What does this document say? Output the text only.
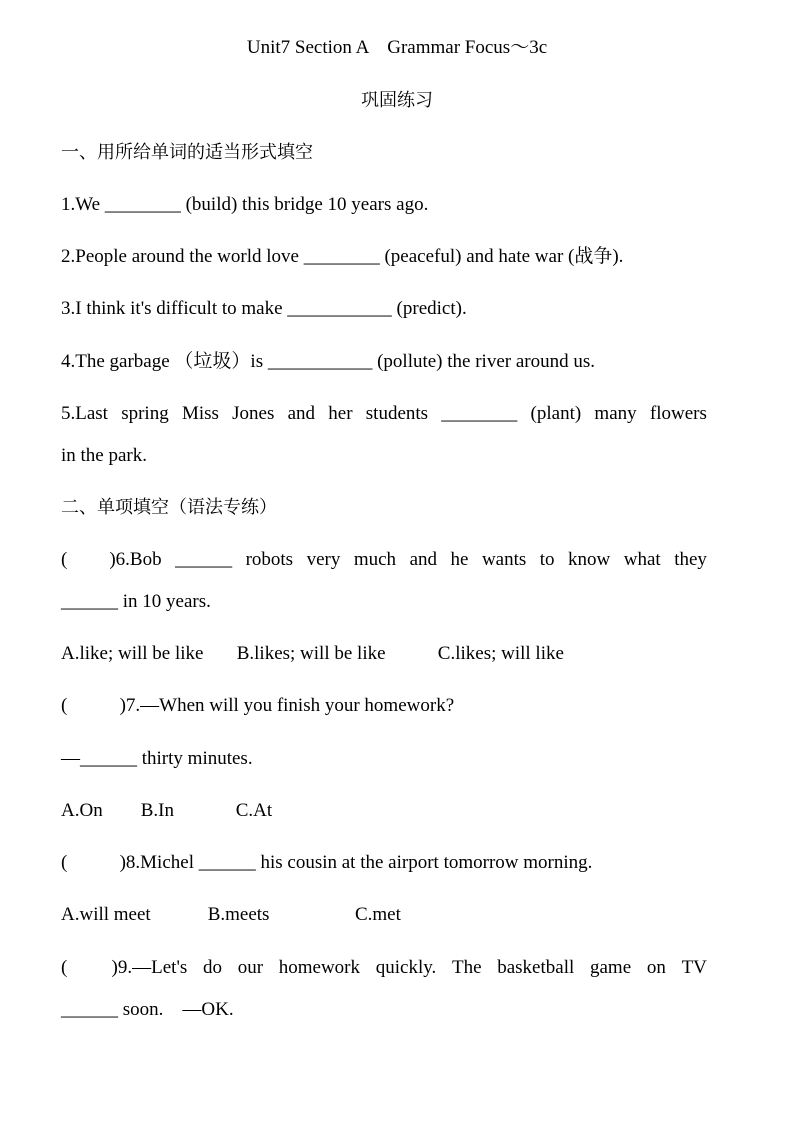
Unit7 Section A    Grammar Focus～3c
巩固练习
一、用所给单词的适当形式填空
1.We ________ (build) this bridge 10 years ago.
2.People around the world love ________ (peaceful) and hate war (战争).
3.I think it's difficult to make ___________ (predict).
4.The garbage （垃圾）is ___________ (pollute) the river around us.
5.Last spring Miss Jones and her students ________ (plant) many flowers
in the park.
二、单项填空（语法专练）
( )6.Bob ______ robots very much and he wants to know what they
______ in 10 years.
A.like; will be like       B.likes; will be like           C.likes; will like
(           )7.—When will you finish your homework?
—______ thirty minutes.
A.On        B.In             C.At
(           )8.Michel ______ his cousin at the airport tomorrow morning.
A.will meet            B.meets                  C.met
( )9.—Let's do our homework quickly. The basketball game on TV
______ soon.    —OK.
